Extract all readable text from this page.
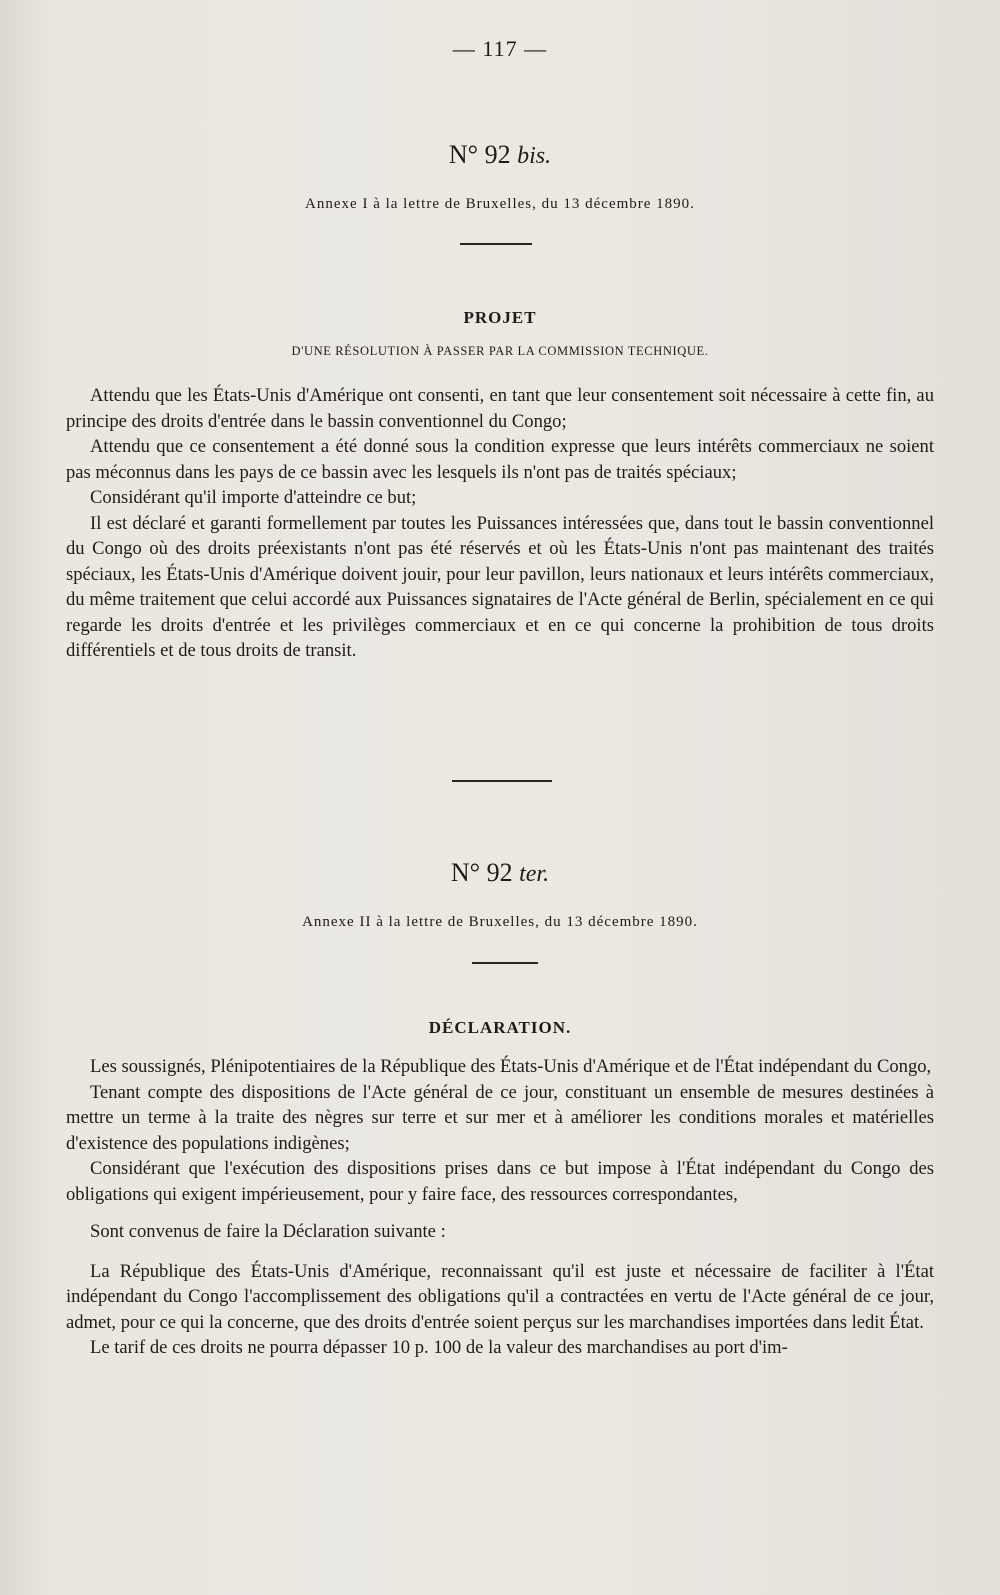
— 117 —
N° 92 bis.
Annexe I à la lettre de Bruxelles, du 13 décembre 1890.
PROJET
D'UNE RÉSOLUTION À PASSER PAR LA COMMISSION TECHNIQUE.

Attendu que les États-Unis d'Amérique ont consenti, en tant que leur consentement soit nécessaire à cette fin, au principe des droits d'entrée dans le bassin conventionnel du Congo;

Attendu que ce consentement a été donné sous la condition expresse que leurs intérêts commerciaux ne soient pas méconnus dans les pays de ce bassin avec les lesquels ils n'ont pas de traités spéciaux;

Considérant qu'il importe d'atteindre ce but;

Il est déclaré et garanti formellement par toutes les Puissances intéressées que, dans tout le bassin conventionnel du Congo où des droits préexistants n'ont pas été réservés et où les États-Unis n'ont pas maintenant des traités spéciaux, les États-Unis d'Amérique doivent jouir, pour leur pavillon, leurs nationaux et leurs intérêts commerciaux, du même traitement que celui accordé aux Puissances signataires de l'Acte général de Berlin, spécialement en ce qui regarde les droits d'entrée et les privilèges commerciaux et en ce qui concerne la prohibition de tous droits différentiels et de tous droits de transit.

N° 92 ter.
Annexe II à la lettre de Bruxelles, du 13 décembre 1890.
DÉCLARATION.

Les soussignés, Plénipotentiaires de la République des États-Unis d'Amérique et de l'État indépendant du Congo,

Tenant compte des dispositions de l'Acte général de ce jour, constituant un ensemble de mesures destinées à mettre un terme à la traite des nègres sur terre et sur mer et à améliorer les conditions morales et matérielles d'existence des populations indigènes;

Considérant que l'exécution des dispositions prises dans ce but impose à l'État indépendant du Congo des obligations qui exigent impérieusement, pour y faire face, des ressources correspondantes,

Sont convenus de faire la Déclaration suivante :

La République des États-Unis d'Amérique, reconnaissant qu'il est juste et nécessaire de faciliter à l'État indépendant du Congo l'accomplissement des obligations qu'il a contractées en vertu de l'Acte général de ce jour, admet, pour ce qui la concerne, que des droits d'entrée soient perçus sur les marchandises importées dans ledit État.

Le tarif de ces droits ne pourra dépasser 10 p. 100 de la valeur des marchandises au port d'im-
